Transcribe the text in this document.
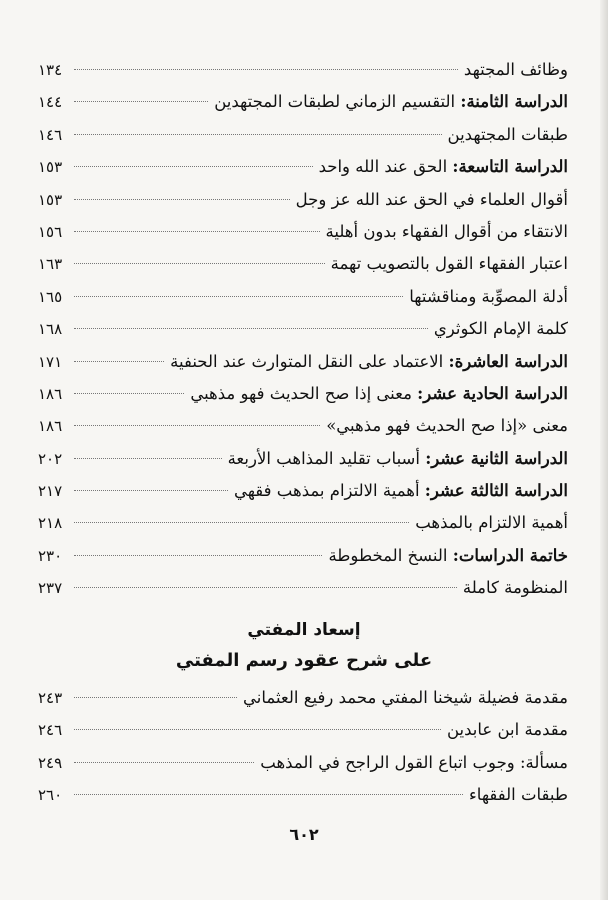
وظائف المجتهد
١٣٤
الدراسة الثامنة: التقسيم الزماني لطبقات المجتهدين
١٤٤
طبقات المجتهدين
١٤٦
الدراسة التاسعة: الحق عند الله واحد
١٥٣
أقوال العلماء في الحق عند الله عز وجل
١٥٣
الانتقاء من أقوال الفقهاء بدون أهلية
١٥٦
اعتبار الفقهاء القول بالتصويب تهمة
١٦٣
أدلة المصوِّبة ومناقشتها
١٦٥
كلمة الإمام الكوثري
١٦٨
الدراسة العاشرة: الاعتماد على النقل المتوارث عند الحنفية
١٧١
الدراسة الحادية عشر: معنى إذا صح الحديث فهو مذهبي
١٨٦
معنى «إذا صح الحديث فهو مذهبي»
١٨٦
الدراسة الثانية عشر: أسباب تقليد المذاهب الأربعة
٢٠٢
الدراسة الثالثة عشر: أهمية الالتزام بمذهب فقهي
٢١٧
أهمية الالتزام بالمذهب
٢١٨
خاتمة الدراسات: النسخ المخطوطة
٢٣٠
المنظومة كاملة
٢٣٧
إسعاد المفتي
على شرح عقود رسم المفتي
مقدمة فضيلة شيخنا المفتي محمد رفيع العثماني
٢٤٣
مقدمة ابن عابدين
٢٤٦
مسألة: وجوب اتباع القول الراجح في المذهب
٢٤٩
طبقات الفقهاء
٢٦٠
٦٠٢
